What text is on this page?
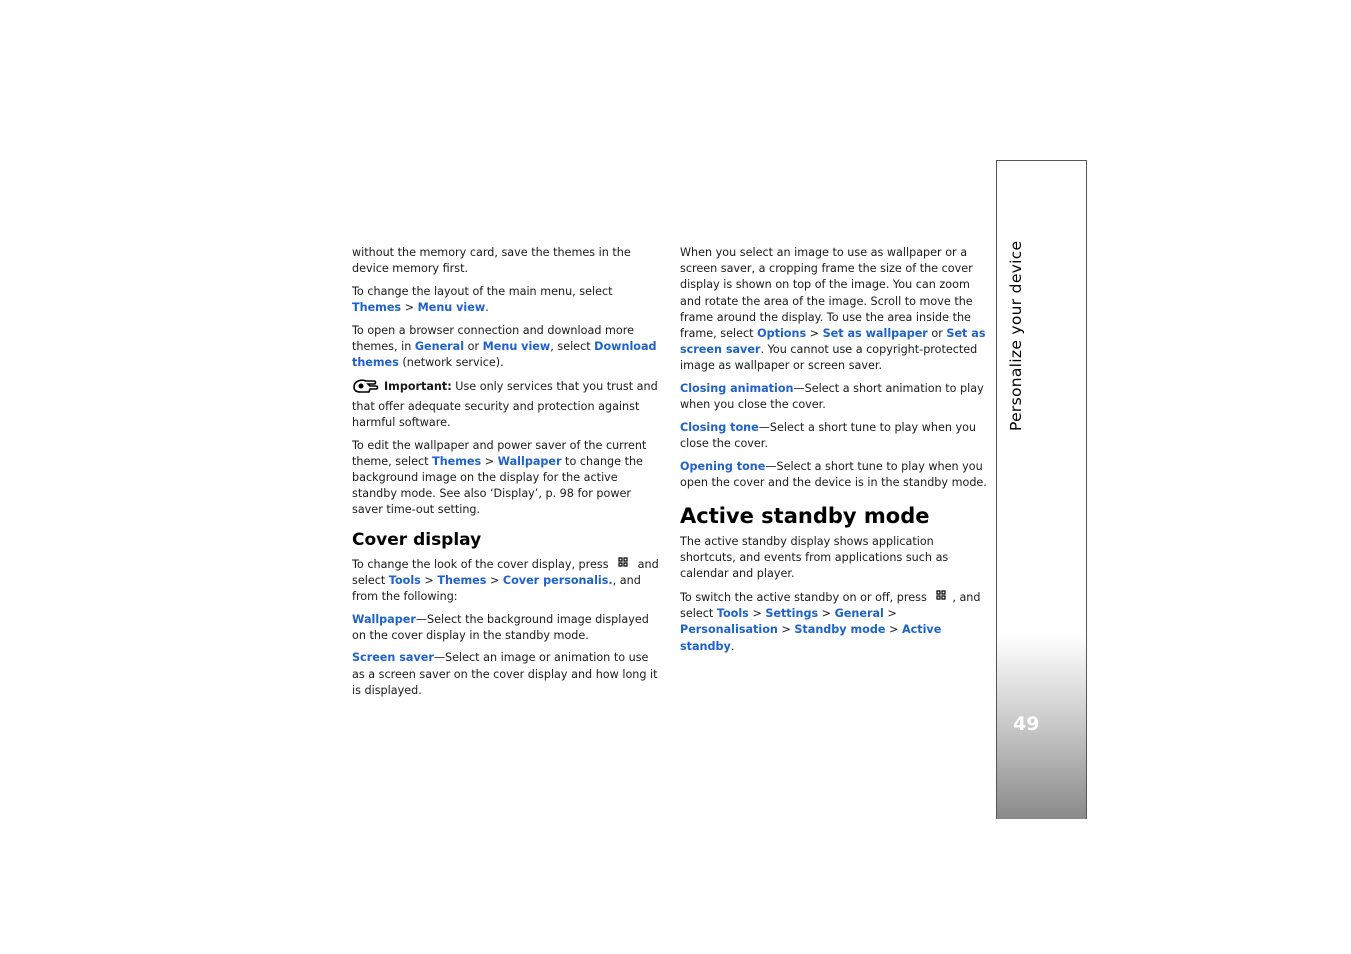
without the memory card, save the themes in the device memory first.

To change the layout of the main menu, select Themes > Menu view.

To open a browser connection and download more themes, in General or Menu view, select Download themes (network service).

Important: Use only services that you trust and that offer adequate security and protection against harmful software.

To edit the wallpaper and power saver of the current theme, select Themes > Wallpaper to change the background image on the display for the active standby mode. See also ‘Display’, p. 98 for power saver time-out setting.

Cover display

To change the look of the cover display, press  and select Tools > Themes > Cover personalis., and from the following:

Wallpaper—Select the background image displayed on the cover display in the standby mode.

Screen saver—Select an image or animation to use as a screen saver on the cover display and how long it is displayed.

When you select an image to use as wallpaper or a screen saver, a cropping frame the size of the cover display is shown on top of the image. You can zoom and rotate the area of the image. Scroll to move the frame around the display. To use the area inside the frame, select Options > Set as wallpaper or Set as screen saver. You cannot use a copyright-protected image as wallpaper or screen saver.

Closing animation—Select a short animation to play when you close the cover.

Closing tone—Select a short tune to play when you close the cover.

Opening tone—Select a short tune to play when you open the cover and the device is in the standby mode.

Active standby mode

The active standby display shows application shortcuts, and events from applications such as calendar and player.

To switch the active standby on or off, press , and select Tools > Settings > General > Personalisation > Standby mode > Active standby.

Personalize your device
49
